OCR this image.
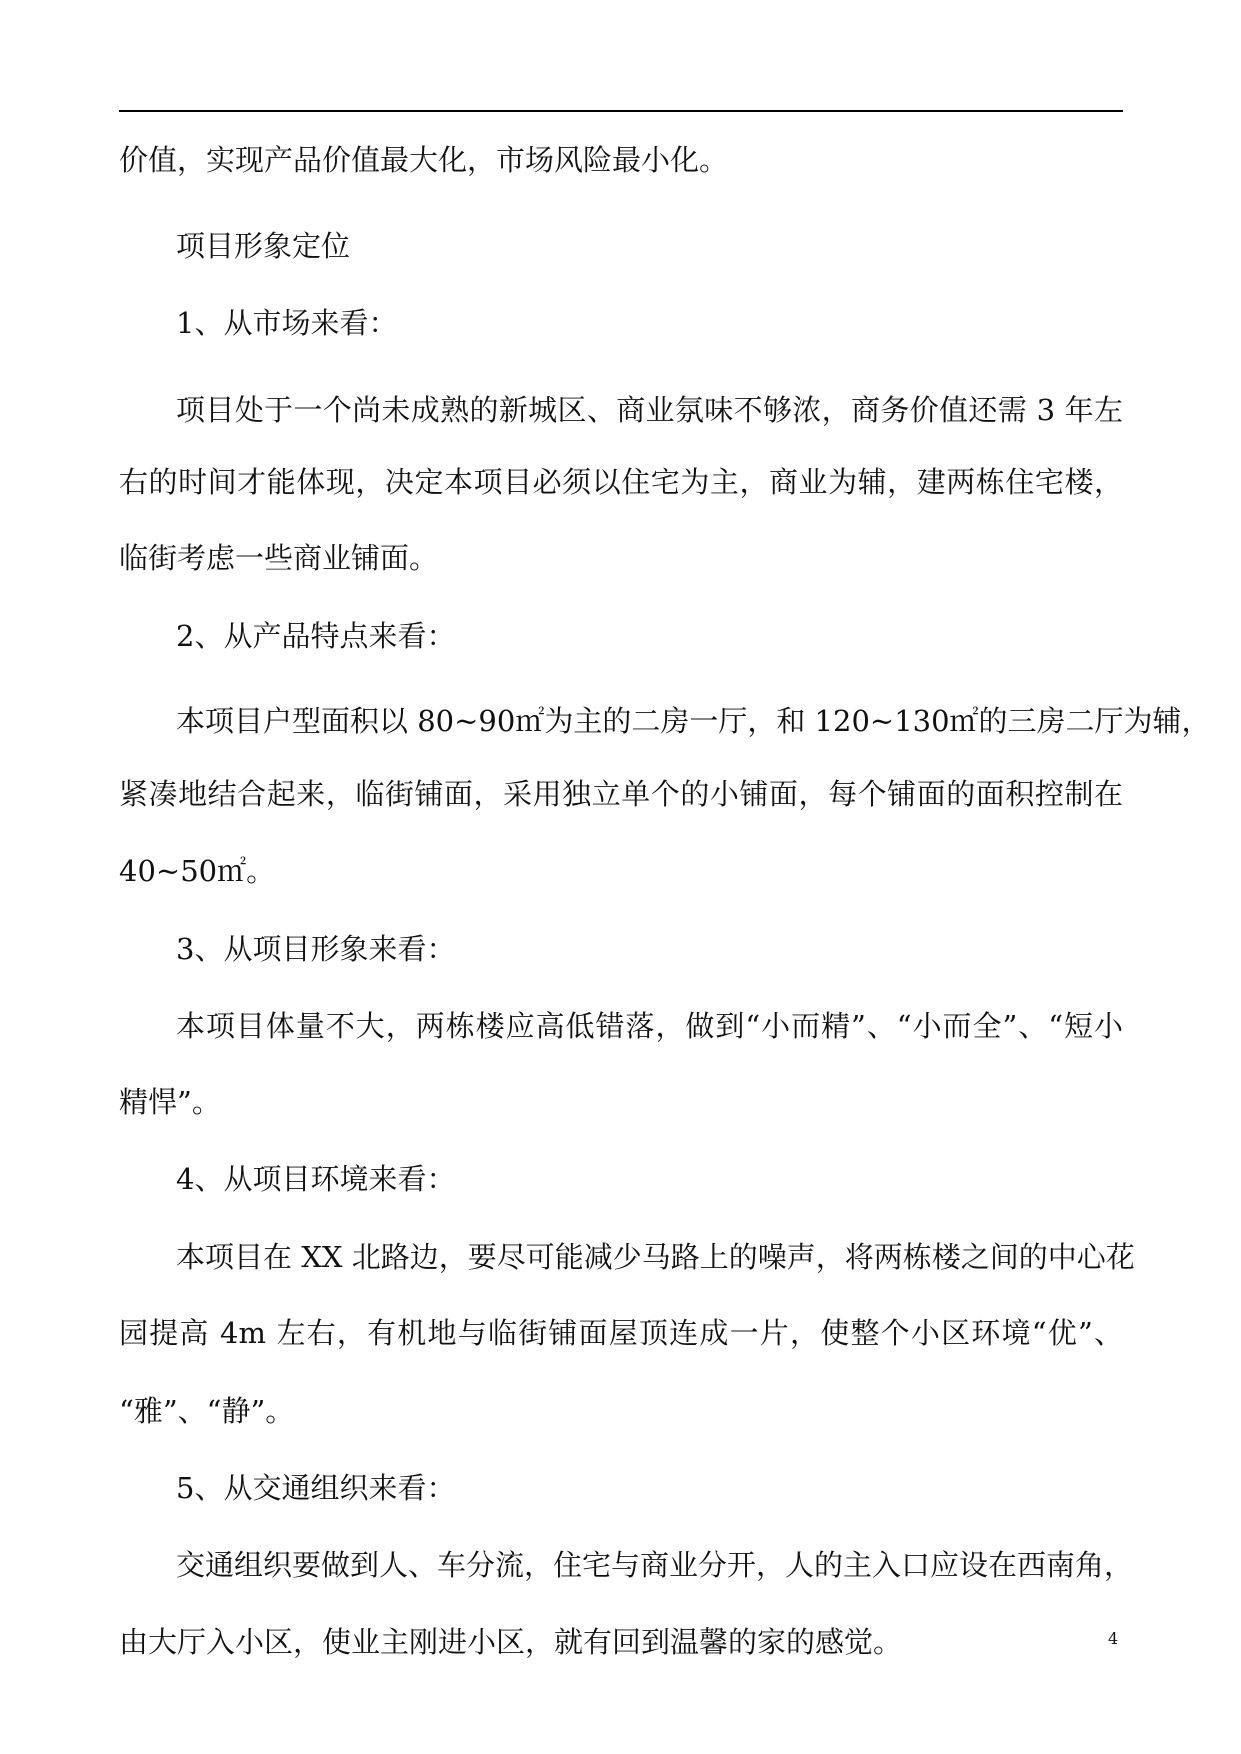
价值，实现产品价值最大化，市场风险最小化。
项目形象定位
1、从市场来看：
项目处于一个尚未成熟的新城区、商业氛味不够浓，商务价值还需 3 年左
右的时间才能体现，决定本项目必须以住宅为主，商业为辅，建两栋住宅楼，
临街考虑一些商业铺面。
2、从产品特点来看：
本项目户型面积以 80~90㎡为主的二房一厅，和 120~130㎡的三房二厅为辅，
紧凑地结合起来，临街铺面，采用独立单个的小铺面，每个铺面的面积控制在
40~50㎡。
3、从项目形象来看：
本项目体量不大，两栋楼应高低错落，做到“小而精”、“小而全”、“短小
精悍”。
4、从项目环境来看：
本项目在 XX 北路边，要尽可能减少马路上的噪声，将两栋楼之间的中心花
园提高 4m 左右，有机地与临街铺面屋顶连成一片，使整个小区环境“优”、
“雅”、“静”。
5、从交通组织来看：
交通组织要做到人、车分流，住宅与商业分开，人的主入口应设在西南角，
由大厅入小区，使业主刚进小区，就有回到温馨的家的感觉。	4
